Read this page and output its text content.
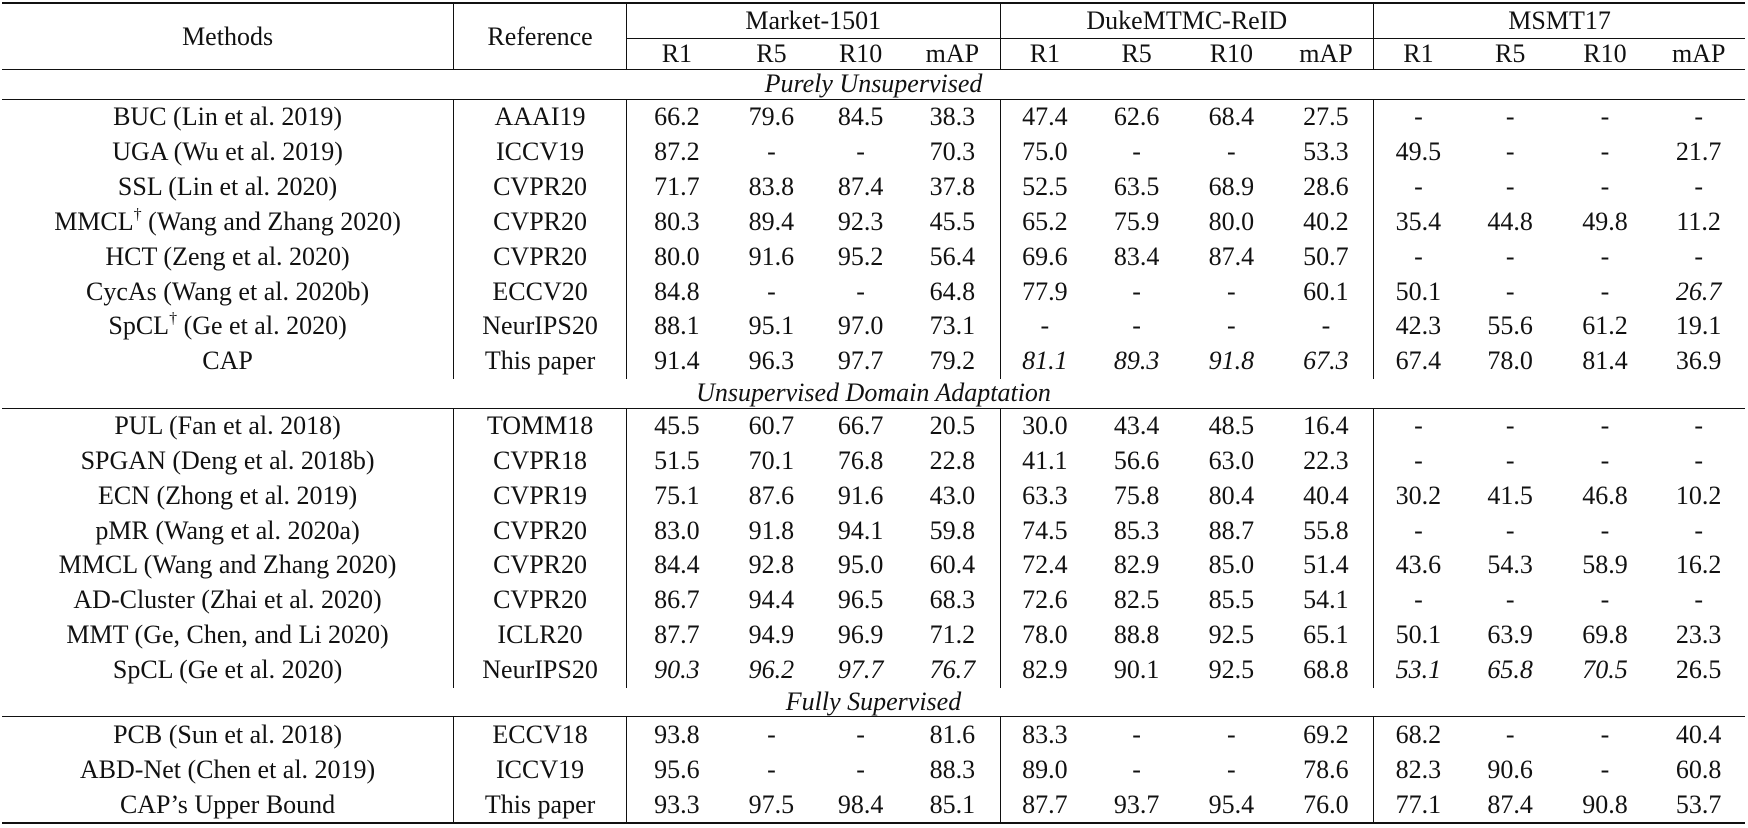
Methods	Reference	Market-1501				DukeMTMC-ReID				MSMT17			
		R1	R5	R10	mAP	R1	R5	R10	mAP	R1	R5	R10	mAP
Purely Unsupervised													
BUC (Lin et al. 2019)	AAAI19	66.2	79.6	84.5	38.3	47.4	62.6	68.4	27.5	-	-	-	-
UGA (Wu et al. 2019)	ICCV19	87.2	-	-	70.3	75.0	-	-	53.3	49.5	-	-	21.7
SSL (Lin et al. 2020)	CVPR20	71.7	83.8	87.4	37.8	52.5	63.5	68.9	28.6	-	-	-	-
MMCL† (Wang and Zhang 2020)	CVPR20	80.3	89.4	92.3	45.5	65.2	75.9	80.0	40.2	35.4	44.8	49.8	11.2
HCT (Zeng et al. 2020)	CVPR20	80.0	91.6	95.2	56.4	69.6	83.4	87.4	50.7	-	-	-	-
CycAs (Wang et al. 2020b)	ECCV20	84.8	-	-	64.8	77.9	-	-	60.1	50.1	-	-	26.7
SpCL† (Ge et al. 2020)	NeurIPS20	88.1	95.1	97.0	73.1	-	-	-	-	42.3	55.6	61.2	19.1
CAP	This paper	91.4	96.3	97.7	79.2	81.1	89.3	91.8	67.3	67.4	78.0	81.4	36.9
Unsupervised Domain Adaptation													
PUL (Fan et al. 2018)	TOMM18	45.5	60.7	66.7	20.5	30.0	43.4	48.5	16.4	-	-	-	-
SPGAN (Deng et al. 2018b)	CVPR18	51.5	70.1	76.8	22.8	41.1	56.6	63.0	22.3	-	-	-	-
ECN (Zhong et al. 2019)	CVPR19	75.1	87.6	91.6	43.0	63.3	75.8	80.4	40.4	30.2	41.5	46.8	10.2
pMR (Wang et al. 2020a)	CVPR20	83.0	91.8	94.1	59.8	74.5	85.3	88.7	55.8	-	-	-	-
MMCL (Wang and Zhang 2020)	CVPR20	84.4	92.8	95.0	60.4	72.4	82.9	85.0	51.4	43.6	54.3	58.9	16.2
AD-Cluster (Zhai et al. 2020)	CVPR20	86.7	94.4	96.5	68.3	72.6	82.5	85.5	54.1	-	-	-	-
MMT (Ge, Chen, and Li 2020)	ICLR20	87.7	94.9	96.9	71.2	78.0	88.8	92.5	65.1	50.1	63.9	69.8	23.3
SpCL (Ge et al. 2020)	NeurIPS20	90.3	96.2	97.7	76.7	82.9	90.1	92.5	68.8	53.1	65.8	70.5	26.5
Fully Supervised													
PCB (Sun et al. 2018)	ECCV18	93.8	-	-	81.6	83.3	-	-	69.2	68.2	-	-	40.4
ABD-Net (Chen et al. 2019)	ICCV19	95.6	-	-	88.3	89.0	-	-	78.6	82.3	90.6	-	60.8
CAP’s Upper Bound	This paper	93.3	97.5	98.4	85.1	87.7	93.7	95.4	76.0	77.1	87.4	90.8	53.7
